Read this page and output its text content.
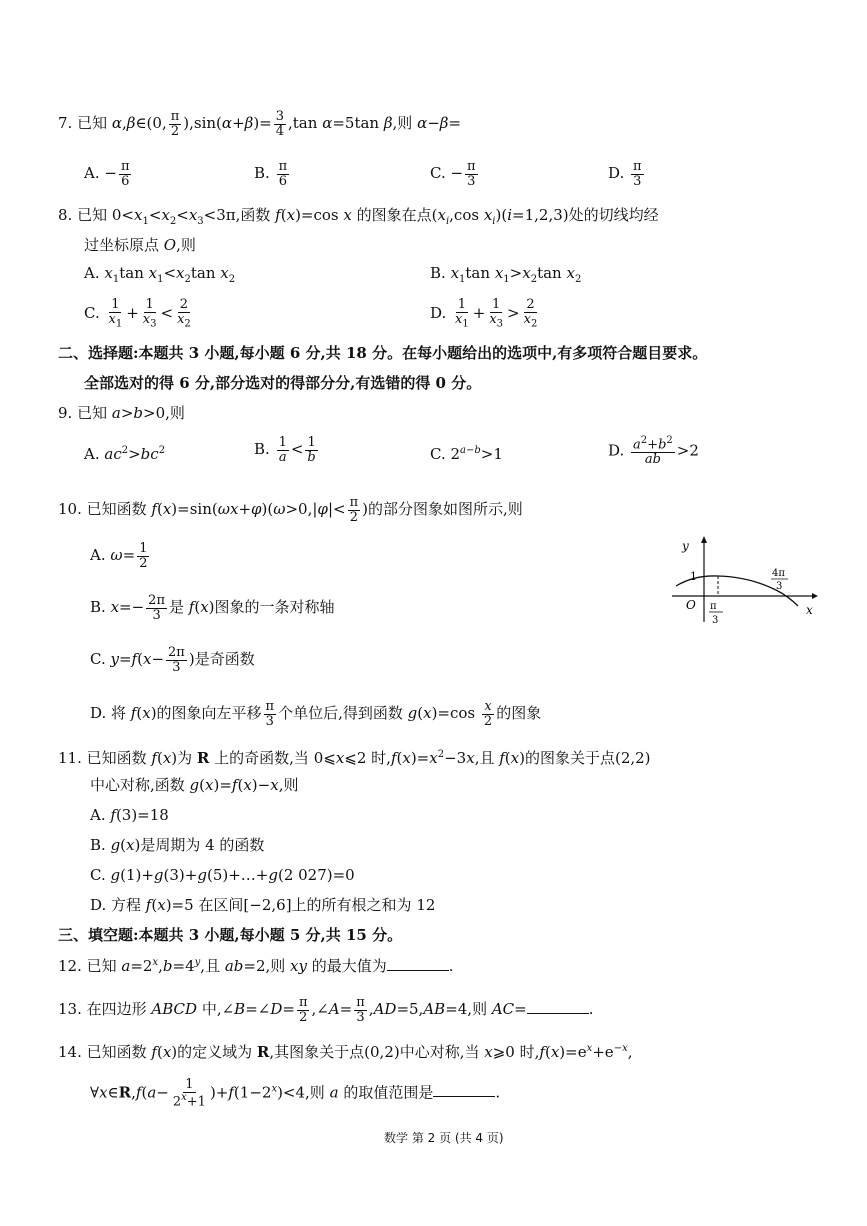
7. 已知 α,β∈(0, $\frac{\pi}{2} ),\sin(\alpha+\beta)= \frac{3}{4} ,\tan$ α=5tan β,则 α−β=
A. − $\frac{\pi}{6}$	B. $\frac{\pi}{6}$	C. − $\frac{\pi}{3}$	D. $\frac{\pi}{3}$
8. 已知 $0<x_1<x_2<x_3<3\pi$,函数 f(x)=cos x 的图象在点($x_i,\cos$ $x_i)(i=1,2,3)$处的切线均经
过坐标原点 O,则
A. $x_1\tan$ $x_1<x_2\tan$ $x_2$	B. $x_1\tan$ $x_1>x_2\tan$ $x_2$
C. $\frac{1}{x_1} + \frac{1}{x_3} < \frac{2}{x_2}$	D. $\frac{1}{x_1} + \frac{1}{x_3} > \frac{2}{x_2}$
二、选择题:本题共 3 小题,每小题 6 分,共 18 分。在每小题给出的选项中,有多项符合题目要求。
全部选对的得 6 分,部分选对的得部分分,有选错的得 0 分。
9. 已知 a>b>0,则
A. $ac^2>bc^2$	B. $\frac{1}{a} < \frac{1}{b}$	C. $2^{a-b}>1$	D. $\frac{a^2+b^2}{ab} >2$
10. 已知函数 $f(x)=\sin(\omega x+\varphi)(\omega>0,|\varphi|< \frac{\pi}{2}$ )的部分图象如图所示,则
A. $\omega= \frac{1}{2}$
B. $x=- \frac{2\pi}{3}$ 是 f(x)图象的一条对称轴
C. $y=f(x- \frac{2\pi}{3}$ )是奇函数
D. 将 f(x)的图象向左平移 $\frac{\pi}{3}$ 个单位后,得到函数 $g(x)=\cos \frac{x}{2}$ 的图象
y
x
O
1
π
3
4π
3
11. 已知函数 f(x)为 R 上的奇函数,当 0⩽x⩽2 时$,f(x)=x^2-3x$,且 f(x)的图象关于点(2,2)
中心对称,函数 g(x)=f(x)−x,则
A. f(3)=18
B. g(x)是周期为 4 的函数
C. g(1)+g(3)+g(5)+…+g(2 027)=0
D. 方程 f(x)=5 在区间[−2,6]上的所有根之和为 12
三、填空题:本题共 3 小题,每小题 5 分,共 15 分。
12. 已知 $a=2^x,b=4^y$,且 ab=2,则 xy 的最大值为	.
13. 在四边形 ABCD 中,∠B=∠D= $\frac{\pi}{2}$ ,∠A= $\frac{\pi}{3} ,AD=5,AB=4$,则 AC=	.
14. 已知函数 f(x)的定义域为 R,其图象关于点(0,2)中心对称,当 x⩾0 时$,f(x)=e^x+e^{-x}$,
∀x∈R,f(a− $\frac{1}{2^x+1} )+f(1-2^x)<4$,则 a 的取值范围是	.
数学 第 2 页 (共 4 页)
